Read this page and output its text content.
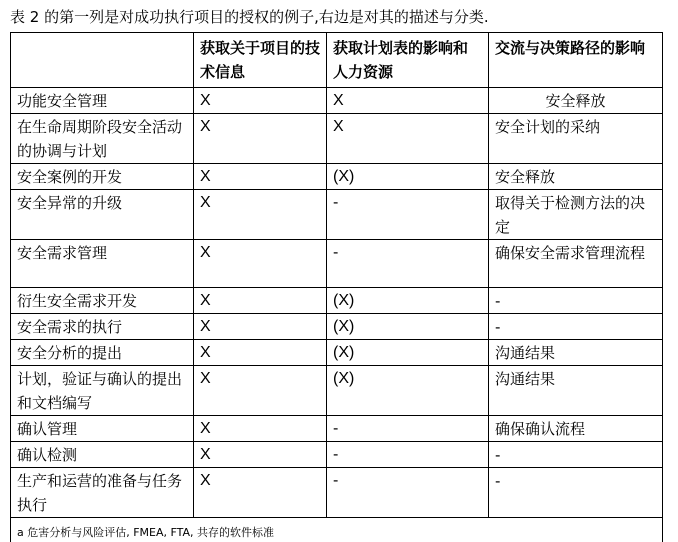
表 2 的第一列是对成功执行项目的授权的例子,右边是对其的描述与分类.
	获取关于项目的技术信息	获取计划表的影响和人力资源	交流与决策路径的影响
功能安全管理	X	X	安全释放
在生命周期阶段安全活动的协调与计划	X	X	安全计划的采纳
安全案例的开发	X	(X)	安全释放
安全异常的升级	X	-	取得关于检测方法的决定
安全需求管理	X	-	确保安全需求管理流程
衍生安全需求开发	X	(X)	-
安全需求的执行	X	(X)	-
安全分析的提出	X	(X)	沟通结果
计划，验证与确认的提出和文档编写	X	(X)	沟通结果
确认管理	X	-	确保确认流程
确认检测	X	-	-
生产和运营的准备与任务执行	X	-	-
a 危害分析与风险评估, FMEA, FTA, 共存的软件标准			
